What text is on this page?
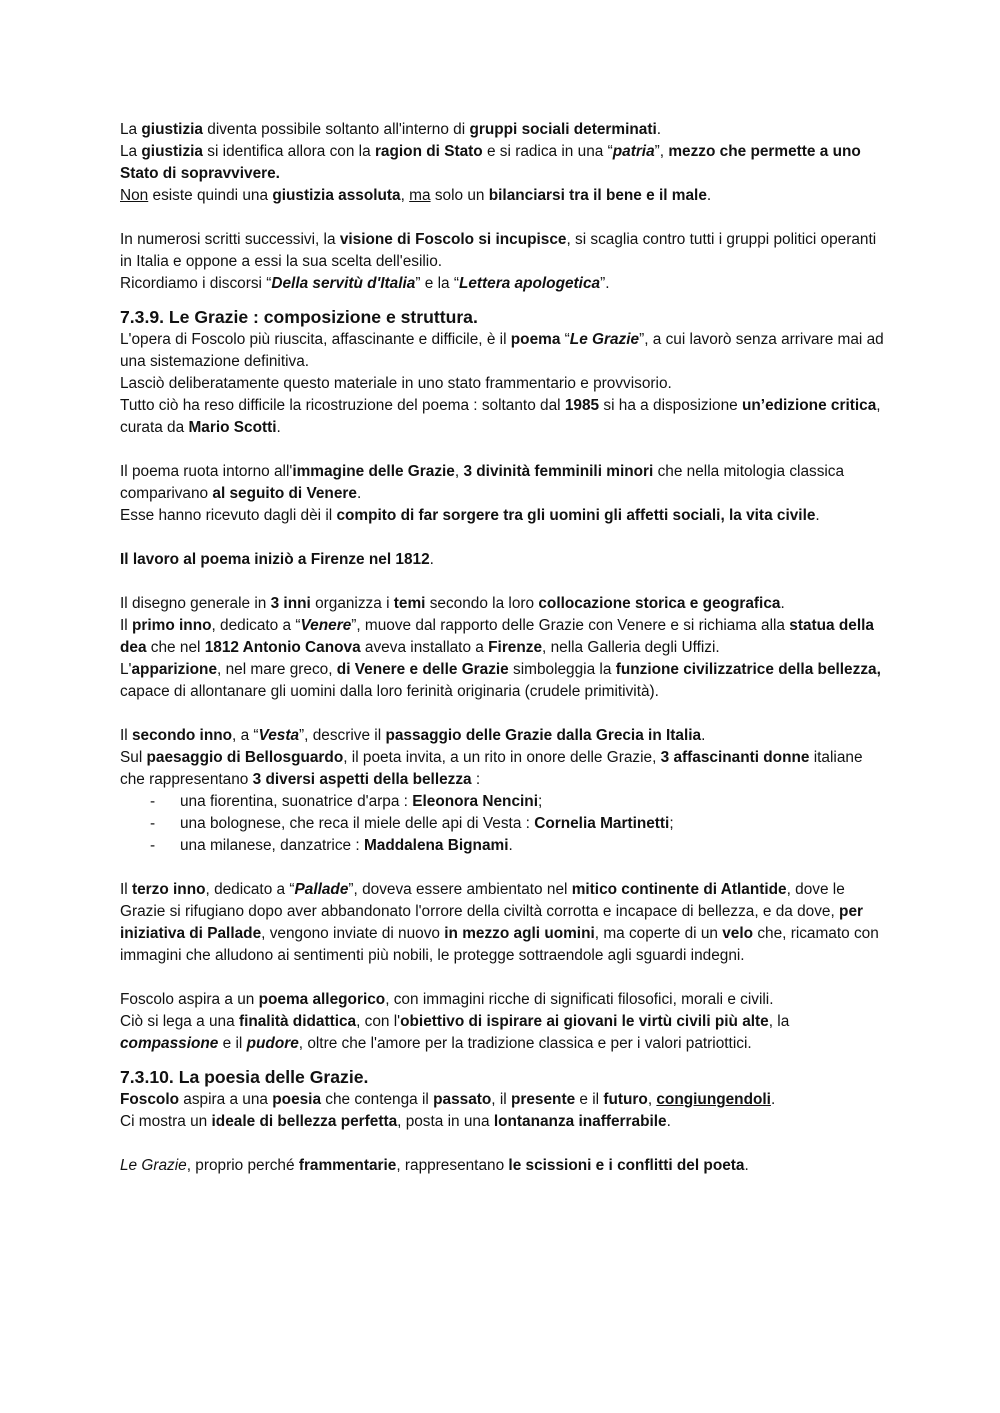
La giustizia diventa possibile soltanto all'interno di gruppi sociali determinati.
La giustizia si identifica allora con la ragion di Stato e si radica in una “patria”, mezzo che permette a uno Stato di sopravvivere.
Non esiste quindi una giustizia assoluta, ma solo un bilanciarsi tra il bene e il male.

In numerosi scritti successivi, la visione di Foscolo si incupisce, si scaglia contro tutti i gruppi politici operanti in Italia e oppone a essi la sua scelta dell'esilio.
Ricordiamo i discorsi “Della servitù d'Italia” e la “Lettera apologetica”.

7.3.9. Le Grazie : composizione e struttura.

L'opera di Foscolo più riuscita, affascinante e difficile, è il poema “Le Grazie”, a cui lavorò senza arrivare mai ad una sistemazione definitiva.
Lasciò deliberatamente questo materiale in uno stato frammentario e provvisorio.
Tutto ciò ha reso difficile la ricostruzione del poema : soltanto dal 1985 si ha a disposizione un’edizione critica, curata da Mario Scotti.

Il poema ruota intorno all'immagine delle Grazie, 3 divinità femminili minori che nella mitologia classica comparivano al seguito di Venere.
Esse hanno ricevuto dagli dèi il compito di far sorgere tra gli uomini gli affetti sociali, la vita civile.

Il lavoro al poema iniziò a Firenze nel 1812.

Il disegno generale in 3 inni organizza i temi secondo la loro collocazione storica e geografica.
Il primo inno, dedicato a “Venere”, muove dal rapporto delle Grazie con Venere e si richiama alla statua della dea che nel 1812 Antonio Canova aveva installato a Firenze, nella Galleria degli Uffizi.
L'apparizione, nel mare greco, di Venere e delle Grazie simboleggia la funzione civilizzatrice della bellezza, capace di allontanare gli uomini dalla loro ferinità originaria (crudele primitività).

Il secondo inno, a “Vesta”, descrive il passaggio delle Grazie dalla Grecia in Italia.
Sul paesaggio di Bellosguardo, il poeta invita, a un rito in onore delle Grazie, 3 affascinanti donne italiane che rappresentano 3 diversi aspetti della bellezza :

- una fiorentina, suonatrice d'arpa : Eleonora Nencini;
- una bolognese, che reca il miele delle api di Vesta : Cornelia Martinetti;
- una milanese, danzatrice : Maddalena Bignami.

Il terzo inno, dedicato a “Pallade”, doveva essere ambientato nel mitico continente di Atlantide, dove le Grazie si rifugiano dopo aver abbandonato l'orrore della civiltà corrotta e incapace di bellezza, e da dove, per iniziativa di Pallade, vengono inviate di nuovo in mezzo agli uomini, ma coperte di un velo che, ricamato con immagini che alludono ai sentimenti più nobili, le protegge sottraendole agli sguardi indegni.

Foscolo aspira a un poema allegorico, con immagini ricche di significati filosofici, morali e civili.
Ciò si lega a una finalità didattica, con l'obiettivo di ispirare ai giovani le virtù civili più alte, la compassione e il pudore, oltre che l'amore per la tradizione classica e per i valori patriottici.

7.3.10. La poesia delle Grazie.

Foscolo aspira a una poesia che contenga il passato, il presente e il futuro, congiungendoli.
Ci mostra un ideale di bellezza perfetta, posta in una lontananza inafferrabile.

Le Grazie, proprio perché frammentarie, rappresentano le scissioni e i conflitti del poeta.
